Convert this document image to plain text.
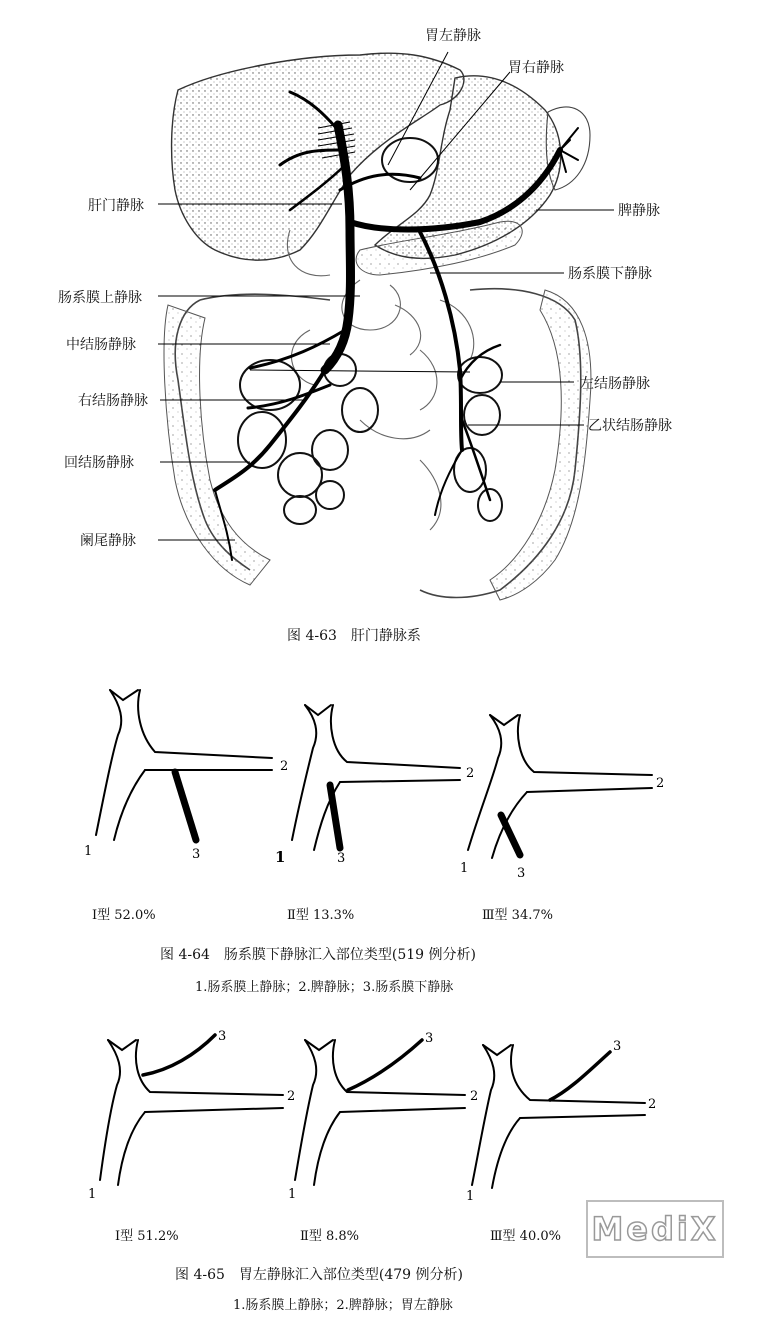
胃左静脉
胃右静脉
肝门静脉	脾静脉
肠系膜下静脉
肠系膜上静脉
中结肠静脉
左结肠静脉
右结肠静脉
乙状结肠静脉
回结肠静脉
阑尾静脉
图 4-63　肝门静脉系
2
1	3
2
1	3
2
1	3
Ⅰ型 52.0%	Ⅱ型 13.3%	Ⅲ型 34.7%
图 4-64　肠系膜下静脉汇入部位类型(519 例分析)
1.肠系膜上静脉；2.脾静脉；3.肠系膜下静脉
3
2
1
3
2
1
3
2
1
Ⅰ型 51.2%	Ⅱ型 8.8%	Ⅲ型 40.0%
图 4-65　胃左静脉汇入部位类型(479 例分析)
1.肠系膜上静脉；2.脾静脉；胃左静脉
MediX
